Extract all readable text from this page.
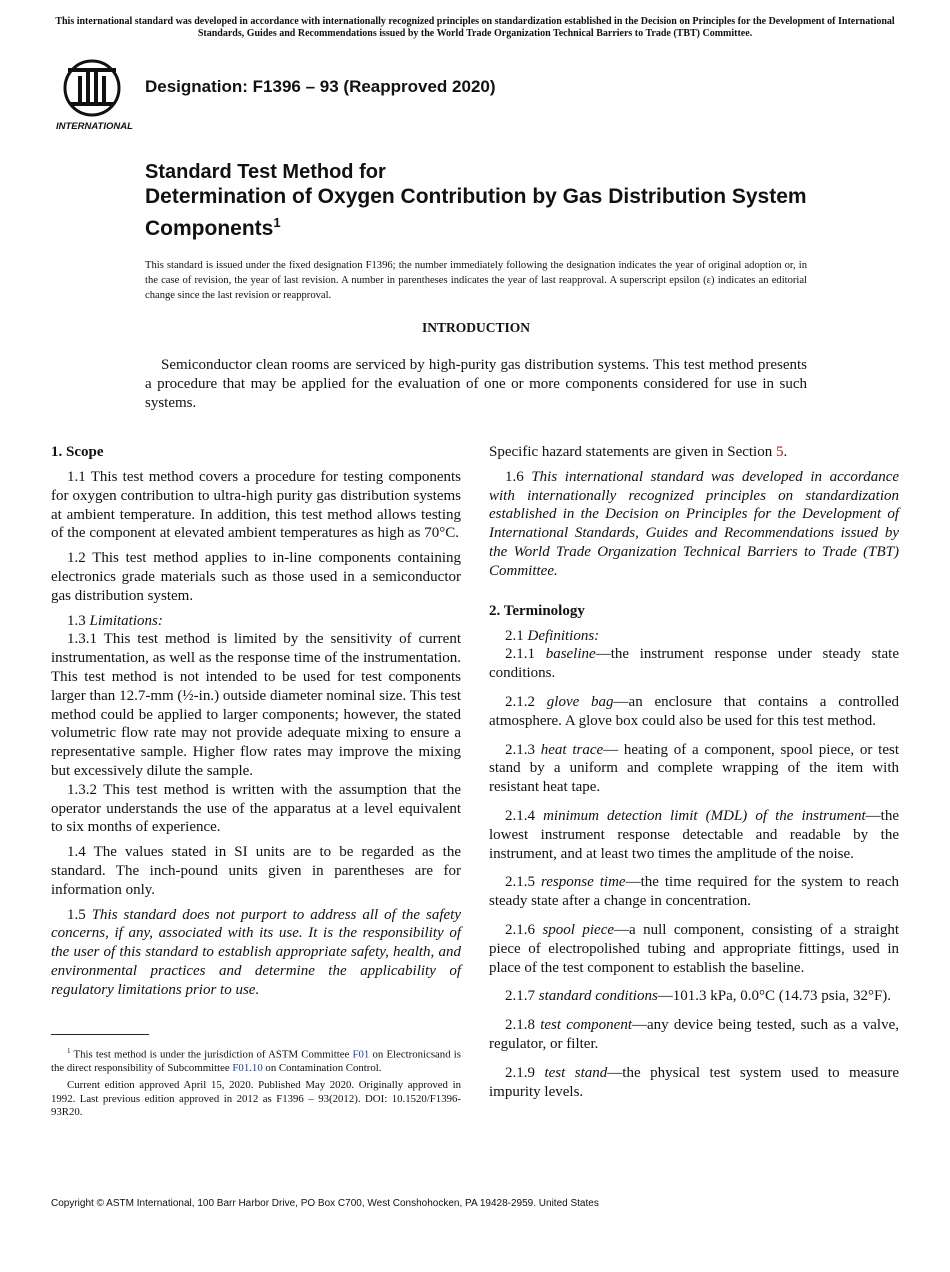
This international standard was developed in accordance with internationally recognized principles on standardization established in the Decision on Principles for the Development of International Standards, Guides and Recommendations issued by the World Trade Organization Technical Barriers to Trade (TBT) Committee.
INTERNATIONAL
Designation: F1396 – 93 (Reapproved 2020)
Standard Test Method for
Determination of Oxygen Contribution by Gas Distribution System Components$^1$
This standard is issued under the fixed designation F1396; the number immediately following the designation indicates the year of original adoption or, in the case of revision, the year of last revision. A number in parentheses indicates the year of last reapproval. A superscript epsilon (ε) indicates an editorial change since the last revision or reapproval.
INTRODUCTION
Semiconductor clean rooms are serviced by high-purity gas distribution systems. This test method presents a procedure that may be applied for the evaluation of one or more components considered for use in such systems.
1. Scope

1.1 This test method covers a procedure for testing components for oxygen contribution to ultra-high purity gas distribution systems at ambient temperature. In addition, this test method allows testing of the component at elevated ambient temperatures as high as 70°C.

1.2 This test method applies to in-line components containing electronics grade materials such as those used in a semiconductor gas distribution system.

1.3 Limitations:

1.3.1 This test method is limited by the sensitivity of current instrumentation, as well as the response time of the instrumentation. This test method is not intended to be used for test components larger than 12.7-mm (½-in.) outside diameter nominal size. This test method could be applied to larger components; however, the stated volumetric flow rate may not provide adequate mixing to ensure a representative sample. Higher flow rates may improve the mixing but excessively dilute the sample.

1.3.2 This test method is written with the assumption that the operator understands the use of the apparatus at a level equivalent to six months of experience.

1.4 The values stated in SI units are to be regarded as the standard. The inch-pound units given in parentheses are for information only.

1.5 This standard does not purport to address all of the safety concerns, if any, associated with its use. It is the responsibility of the user of this standard to establish appropriate safety, health, and environmental practices and determine the applicability of regulatory limitations prior to use.

Specific hazard statements are given in Section 5.

1.6 This international standard was developed in accordance with internationally recognized principles on standardization established in the Decision on Principles for the Development of International Standards, Guides and Recommendations issued by the World Trade Organization Technical Barriers to Trade (TBT) Committee.

2. Terminology

2.1 Definitions:

2.1.1 baseline—the instrument response under steady state conditions.

2.1.2 glove bag—an enclosure that contains a controlled atmosphere. A glove box could also be used for this test method.

2.1.3 heat trace— heating of a component, spool piece, or test stand by a uniform and complete wrapping of the item with resistant heat tape.

2.1.4 minimum detection limit (MDL) of the instrument—the lowest instrument response detectable and readable by the instrument, and at least two times the amplitude of the noise.

2.1.5 response time—the time required for the system to reach steady state after a change in concentration.

2.1.6 spool piece—a null component, consisting of a straight piece of electropolished tubing and appropriate fittings, used in place of the test component to establish the baseline.

2.1.7 standard conditions—101.3 kPa, 0.0°C (14.73 psia, 32°F).

2.1.8 test component—any device being tested, such as a valve, regulator, or filter.

2.1.9 test stand—the physical test system used to measure impurity levels.

$^1$ This test method is under the jurisdiction of ASTM Committee F01 on Electronicsand is the direct responsibility of Subcommittee F01.10 on Contamination Control.

Current edition approved April 15, 2020. Published May 2020. Originally approved in 1992. Last previous edition approved in 2012 as F1396 – 93(2012). DOI: 10.1520/F1396-93R20.

Copyright © ASTM International, 100 Barr Harbor Drive, PO Box C700, West Conshohocken, PA 19428-2959. United States
